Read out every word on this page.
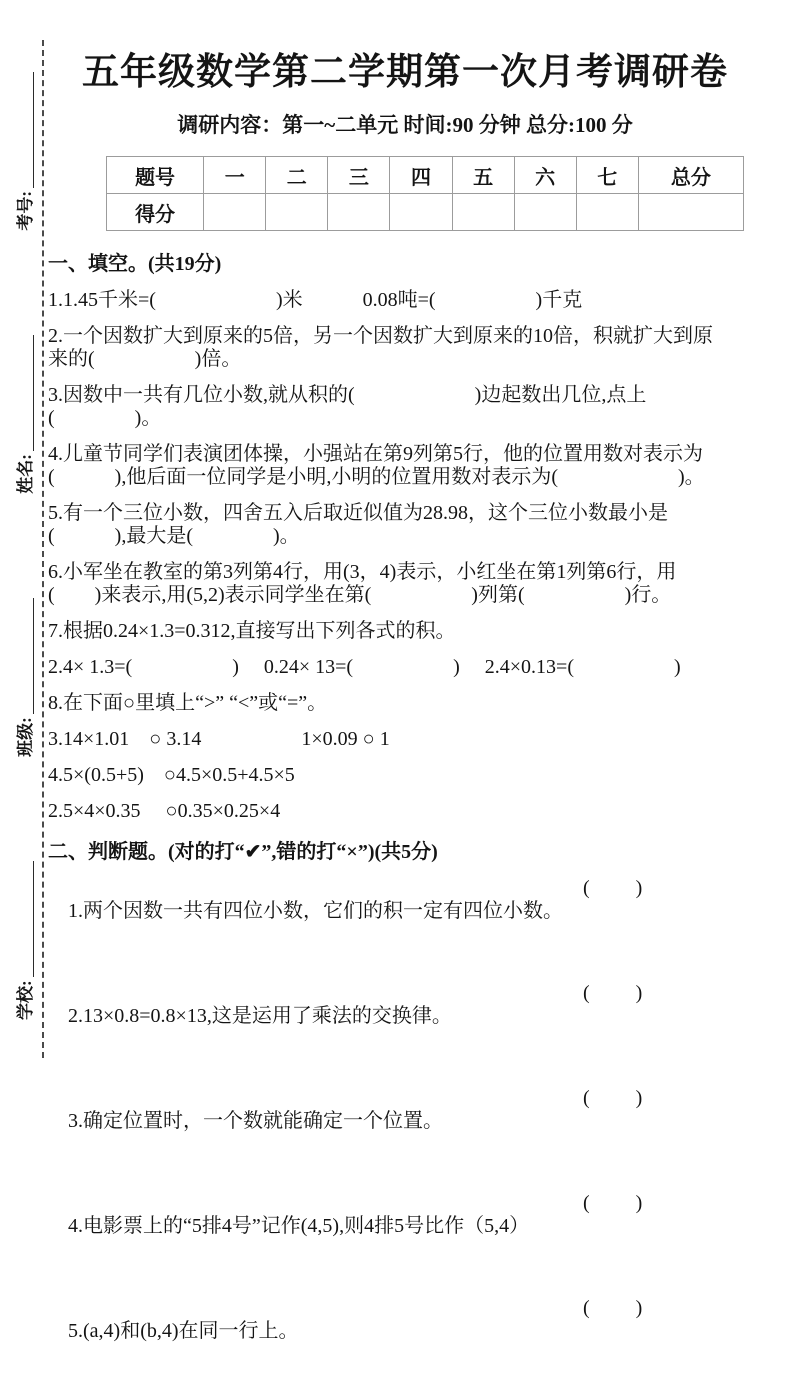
学校:
班级:
姓名:
考号:
五年级数学第二学期第一次月考调研卷
调研内容：第一~二单元 时间:90 分钟 总分:100 分
题号	一	二	三	四	五	六	七	总分
得分								
一、填空。(共19分)
1.1.45千米=(　　　　　　)米　　　0.08吨=(　　　　　)千克
2.一个因数扩大到原来的5倍，另一个因数扩大到原来的10倍，积就扩大到原
来的(　　　　　)倍。
3.因数中一共有几位小数,就从积的(　　　　　　)边起数出几位,点上
(　　　　)。
4.儿童节同学们表演团体操，小强站在第9列第5行，他的位置用数对表示为
(　　　),他后面一位同学是小明,小明的位置用数对表示为(　　　　　　)。
5.有一个三位小数，四舍五入后取近似值为28.98，这个三位小数最小是
(　　　),最大是(　　　　)。
6.小军坐在教室的第3列第4行，用(3，4)表示，小红坐在第1列第6行，用
(　　)来表示,用(5,2)表示同学坐在第(　　　　　)列第(　　　　　)行。
7.根据0.24×1.3=0.312,直接写出下列各式的积。
2.4× 1.3=(　　　　　)　 0.24× 13=(　　　　　)　 2.4×0.13=(　　　　　)
8.在下面○里填上“>” “<”或“=”。
3.14×1.01　○ 3.14　　　　　1×0.09 ○ 1
4.5×(0.5+5)　○4.5×0.5+4.5×5
2.5×4×0.35　 ○0.35×0.25×4
二、判断题。(对的打“✔”,错的打“×”)(共5分)

1.两个因数一共有四位小数，它们的积一定有四位小数。

(　　)

2.13×0.8=0.8×13,这是运用了乘法的交换律。

(　　)

3.确定位置时，一个数就能确定一个位置。

(　　)

4.电影票上的“5排4号”记作(4,5),则4排5号比作（5,4）

(　　)

5.(a,4)和(b,4)在同一行上。

(　　)
